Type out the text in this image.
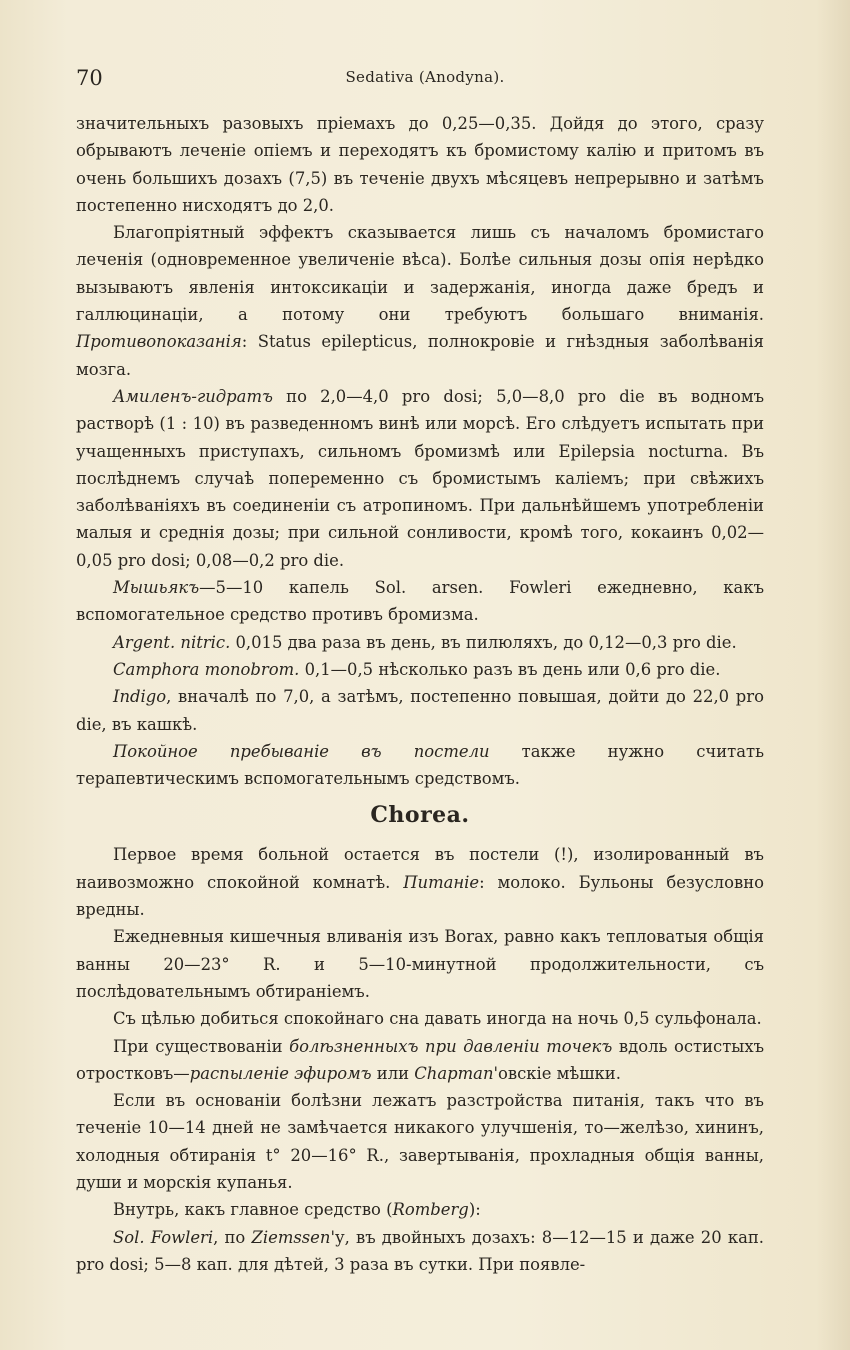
70	Sedativa (Anodyna).

значительныхъ разовыхъ пріемахъ до 0,25—0,35. Дойдя до этого, сразу обрываютъ леченіе опіемъ и переходятъ къ бромистому калію и притомъ въ очень большихъ дозахъ (7,5) въ теченіе двухъ мѣсяцевъ непрерывно и затѣмъ постепенно нисходятъ до 2,0.

Благопріятный эффектъ сказывается лишь съ началомъ бромистаго леченія (одновременное увеличеніе вѣса). Болѣе сильныя дозы опія нерѣдко вызываютъ явленія интоксикаціи и задержанія, иногда даже бредъ и галлюцинаціи, а потому они требуютъ большаго вниманія. Противопоказанія: Status epilepticus, полнокровіе и гнѣздныя заболѣванія мозга.

Амиленъ-гидратъ по 2,0—4,0 pro dosi; 5,0—8,0 pro die въ водномъ растворѣ (1 : 10) въ разведенномъ винѣ или морсѣ. Его слѣдуетъ испытать при учащенныхъ приступахъ, сильномъ бромизмѣ или Epilepsia nocturna. Въ послѣднемъ случаѣ попеременно съ бромистымъ каліемъ; при свѣжихъ заболѣваніяхъ въ соединеніи съ атропиномъ. При дальнѣйшемъ употребленіи малыя и среднія дозы; при сильной сонливости, кромѣ того, кокаинъ 0,02—0,05 pro dosi; 0,08—0,2 pro die.

Мышьякъ—5—10 капель Sol. arsen. Fowleri ежедневно, какъ вспомогательное средство противъ бромизма.

Argent. nitric. 0,015 два раза въ день, въ пилюляхъ, до 0,12—0,3 pro die.

Camphora monobrom. 0,1—0,5 нѣсколько разъ въ день или 0,6 pro die.

Indigo, вначалѣ по 7,0, а затѣмъ, постепенно повышая, дойти до 22,0 pro die, въ кашкѣ.

Покойное пребываніе въ постели также нужно считать терапевтическимъ вспомогательнымъ средствомъ.

Chorea.

Первое время больной остается въ постели (!), изолированный въ наивозможно спокойной комнатѣ. Питаніе: молоко. Бульоны безусловно вредны.

Ежедневныя кишечныя вливанія изъ Borax, равно какъ тепловатыя общія ванны 20—23° R. и 5—10-минутной продолжительности, съ послѣдовательнымъ обтираніемъ.

Съ цѣлью добиться спокойнаго сна давать иногда на ночь 0,5 сульфонала.

При существованіи болѣзненныхъ при давленіи точекъ вдоль остистыхъ отростковъ—распыленіе эфиромъ или Chapman'овскіе мѣшки.

Если въ основаніи болѣзни лежатъ разстройства питанія, такъ что въ теченіе 10—14 дней не замѣчается никакого улучшенія, то—желѣзо, хининъ, холодныя обтиранія t° 20—16° R., завертыванія, прохладныя общія ванны, души и морскія купанья.

Внутрь, какъ главное средство (Romberg):

Sol. Fowleri, по Ziemssen'у, въ двойныхъ дозахъ: 8—12—15 и даже 20 кап. pro dosi; 5—8 кап. для дѣтей, 3 раза въ сутки. При появле-
